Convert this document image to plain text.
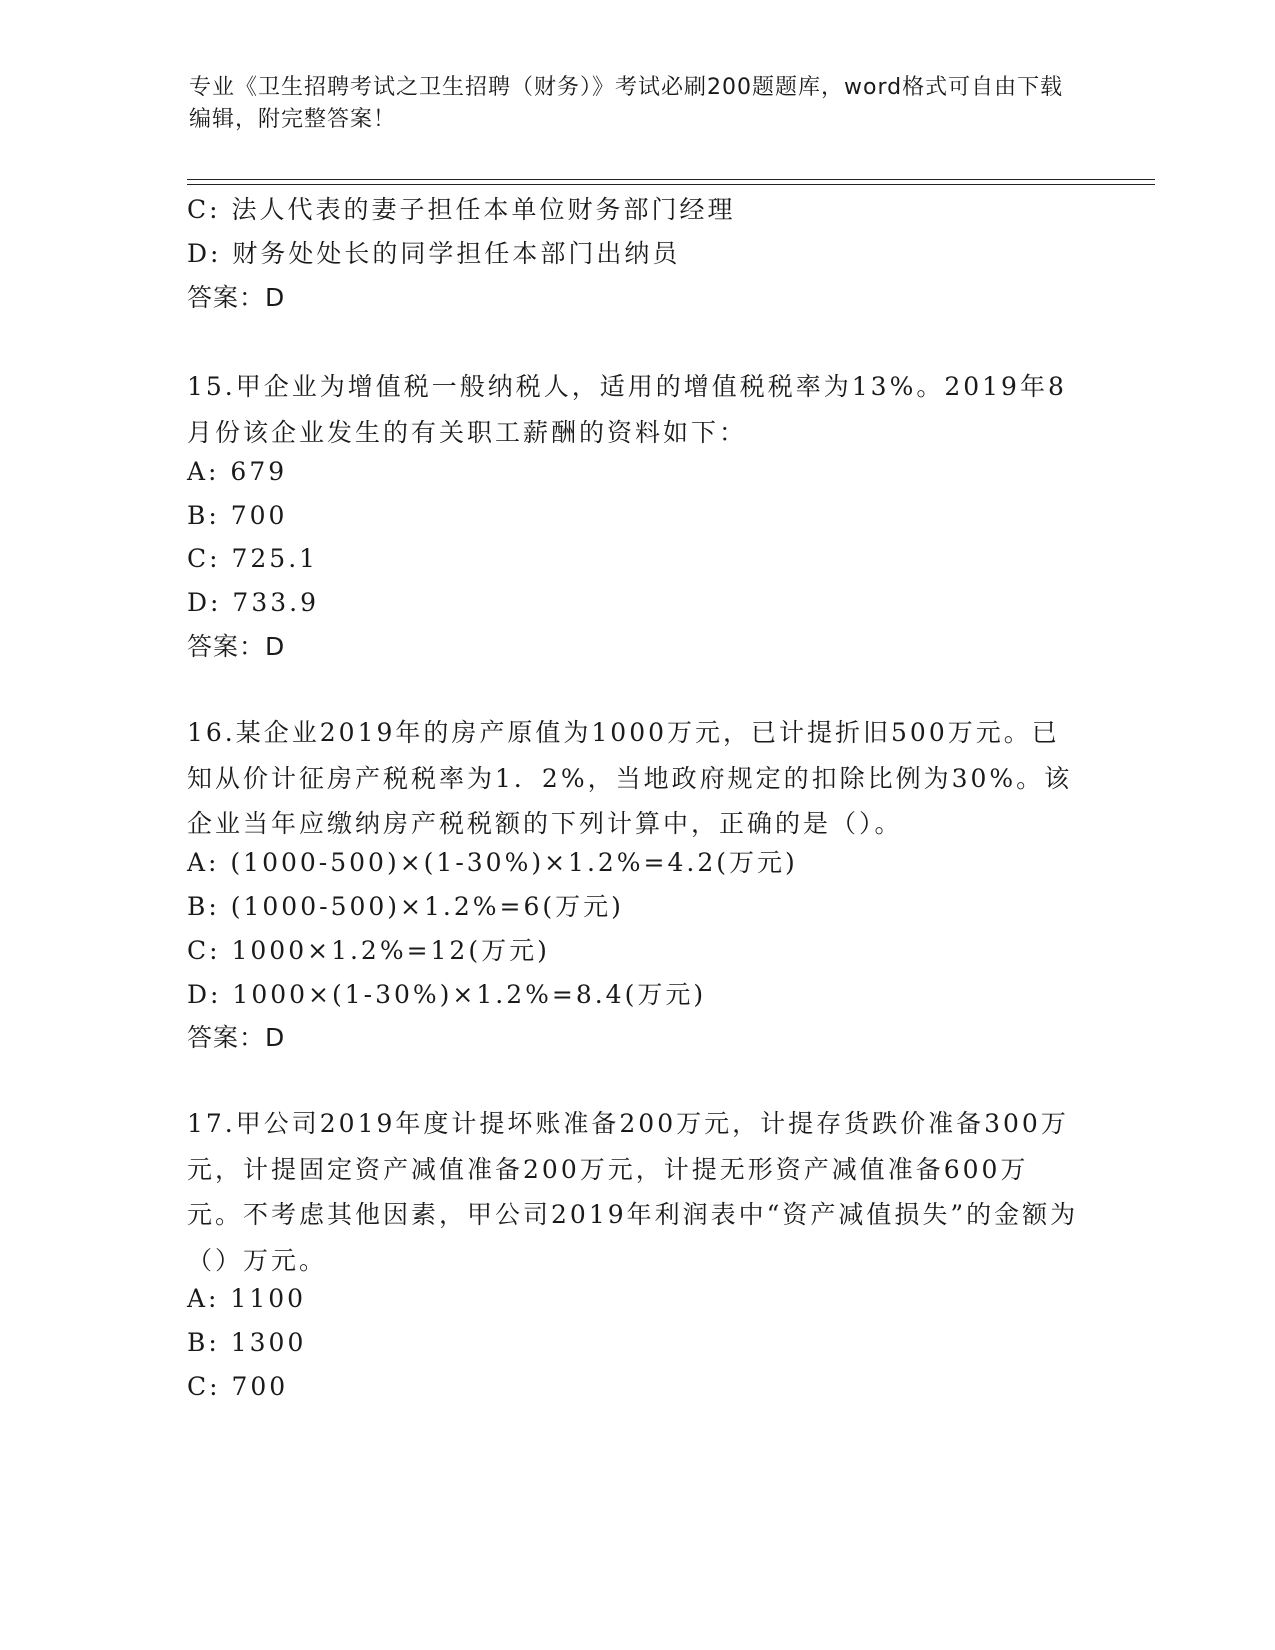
专业《卫生招聘考试之卫生招聘（财务）》考试必刷200题题库，word格式可自由下载编辑，附完整答案！
C: 法人代表的妻子担任本单位财务部门经理
D: 财务处处长的同学担任本部门出纳员
答案：D
15.甲企业为增值税一般纳税人，适用的增值税税率为13%。2019年8月份该企业发生的有关职工薪酬的资料如下：
A: 679
B: 700
C: 725.1
D: 733.9
答案：D
16.某企业2019年的房产原值为1000万元，已计提折旧500万元。已知从价计征房产税税率为1．2%，当地政府规定的扣除比例为30%。该企业当年应缴纳房产税税额的下列计算中，正确的是（）。
A: (1000-500)×(1-30%)×1.2%=4.2(万元)
B: (1000-500)×1.2%=6(万元)
C: 1000×1.2%=12(万元)
D: 1000×(1-30%)×1.2%=8.4(万元)
答案：D
17.甲公司2019年度计提坏账准备200万元，计提存货跌价准备300万元，计提固定资产减值准备200万元，计提无形资产减值准备600万元。不考虑其他因素，甲公司2019年利润表中“资产减值损失”的金额为（）万元。
A: 1100
B: 1300
C: 700
